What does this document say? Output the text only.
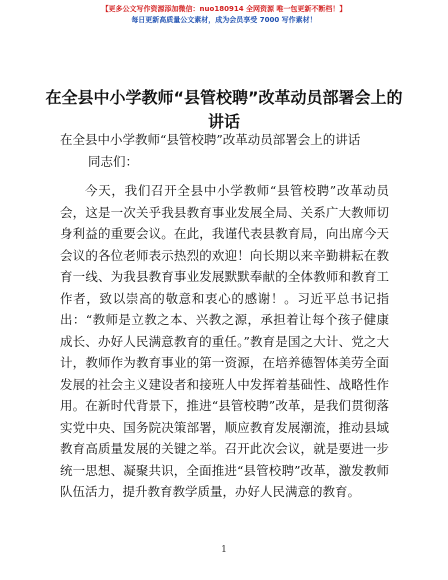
【更多公文写作资源添加微信：nuo180914 全网资源 唯一包更新不断档！】
每日更新高质量公文素材，成为会员享受 7000 写作素材！
在全县中小学教师“县管校聘”改革动员部署会上的讲话
在全县中小学教师“县管校聘”改革动员部署会上的讲话
同志们：
今天，我们召开全县中小学教师“县管校聘”改革动员会，这是一次关乎我县教育事业发展全局、关系广大教师切身利益的重要会议。在此，我谨代表县教育局，向出席今天会议的各位老师表示热烈的欢迎！向长期以来辛勤耕耘在教育一线、为我县教育事业发展默默奉献的全体教师和教育工作者，致以崇高的敬意和衷心的感谢！。习近平总书记指出：“教师是立教之本、兴教之源，承担着让每个孩子健康成长、办好人民满意教育的重任。”教育是国之大计、党之大计，教师作为教育事业的第一资源，在培养德智体美劳全面发展的社会主义建设者和接班人中发挥着基础性、战略性作用。在新时代背景下，推进“县管校聘”改革，是我们贯彻落实党中央、国务院决策部署，顺应教育发展潮流，推动县域教育高质量发展的关键之举。召开此次会议，就是要进一步统一思想、凝聚共识，全面推进“县管校聘”改革，激发教师队伍活力，提升教育教学质量，办好人民满意的教育。
1
